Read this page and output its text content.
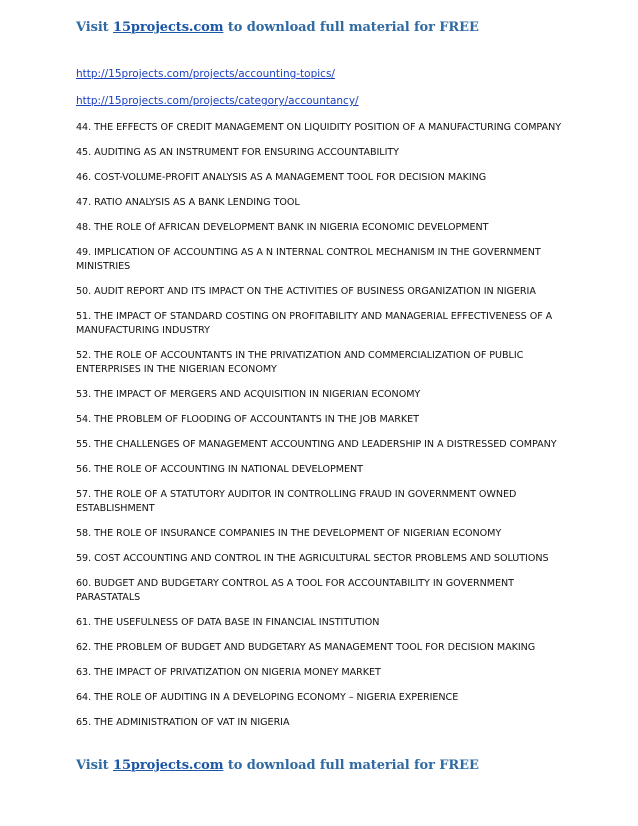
Visit 15projects.com to download full material for FREE
http://15projects.com/projects/accounting-topics/
http://15projects.com/projects/category/accountancy/
44. THE EFFECTS OF CREDIT MANAGEMENT ON LIQUIDITY POSITION OF A MANUFACTURING COMPANY
45. AUDITING AS AN INSTRUMENT FOR ENSURING ACCOUNTABILITY
46. COST-VOLUME-PROFIT ANALYSIS AS A MANAGEMENT TOOL FOR DECISION MAKING
47. RATIO ANALYSIS AS A BANK LENDING TOOL
48. THE ROLE Of AFRICAN DEVELOPMENT BANK IN NIGERIA ECONOMIC DEVELOPMENT
49. IMPLICATION OF ACCOUNTING AS A N INTERNAL CONTROL MECHANISM IN THE GOVERNMENT MINISTRIES
50. AUDIT REPORT AND ITS IMPACT ON THE ACTIVITIES OF BUSINESS ORGANIZATION IN NIGERIA
51. THE IMPACT OF STANDARD COSTING ON PROFITABILITY AND MANAGERIAL EFFECTIVENESS OF A MANUFACTURING INDUSTRY
52. THE ROLE OF ACCOUNTANTS IN THE PRIVATIZATION AND COMMERCIALIZATION OF PUBLIC ENTERPRISES IN THE NIGERIAN ECONOMY
53. THE IMPACT OF MERGERS AND ACQUISITION IN NIGERIAN ECONOMY
54. THE PROBLEM OF FLOODING OF ACCOUNTANTS IN THE JOB MARKET
55. THE CHALLENGES OF MANAGEMENT ACCOUNTING AND LEADERSHIP IN A DISTRESSED COMPANY
56. THE ROLE OF ACCOUNTING IN NATIONAL DEVELOPMENT
57. THE ROLE OF A STATUTORY AUDITOR IN CONTROLLING FRAUD IN GOVERNMENT OWNED ESTABLISHMENT
58. THE ROLE OF INSURANCE COMPANIES IN THE DEVELOPMENT OF NIGERIAN ECONOMY
59. COST ACCOUNTING AND CONTROL IN THE AGRICULTURAL SECTOR PROBLEMS AND SOLUTIONS
60. BUDGET AND BUDGETARY CONTROL AS A TOOL FOR ACCOUNTABILITY IN GOVERNMENT PARASTATALS
61. THE USEFULNESS OF DATA BASE IN FINANCIAL INSTITUTION
62. THE PROBLEM OF BUDGET AND BUDGETARY AS MANAGEMENT TOOL FOR DECISION MAKING
63. THE IMPACT OF PRIVATIZATION ON NIGERIA MONEY MARKET
64. THE ROLE OF AUDITING IN A DEVELOPING ECONOMY – NIGERIA EXPERIENCE
65. THE ADMINISTRATION OF VAT IN NIGERIA
Visit 15projects.com to download full material for FREE
